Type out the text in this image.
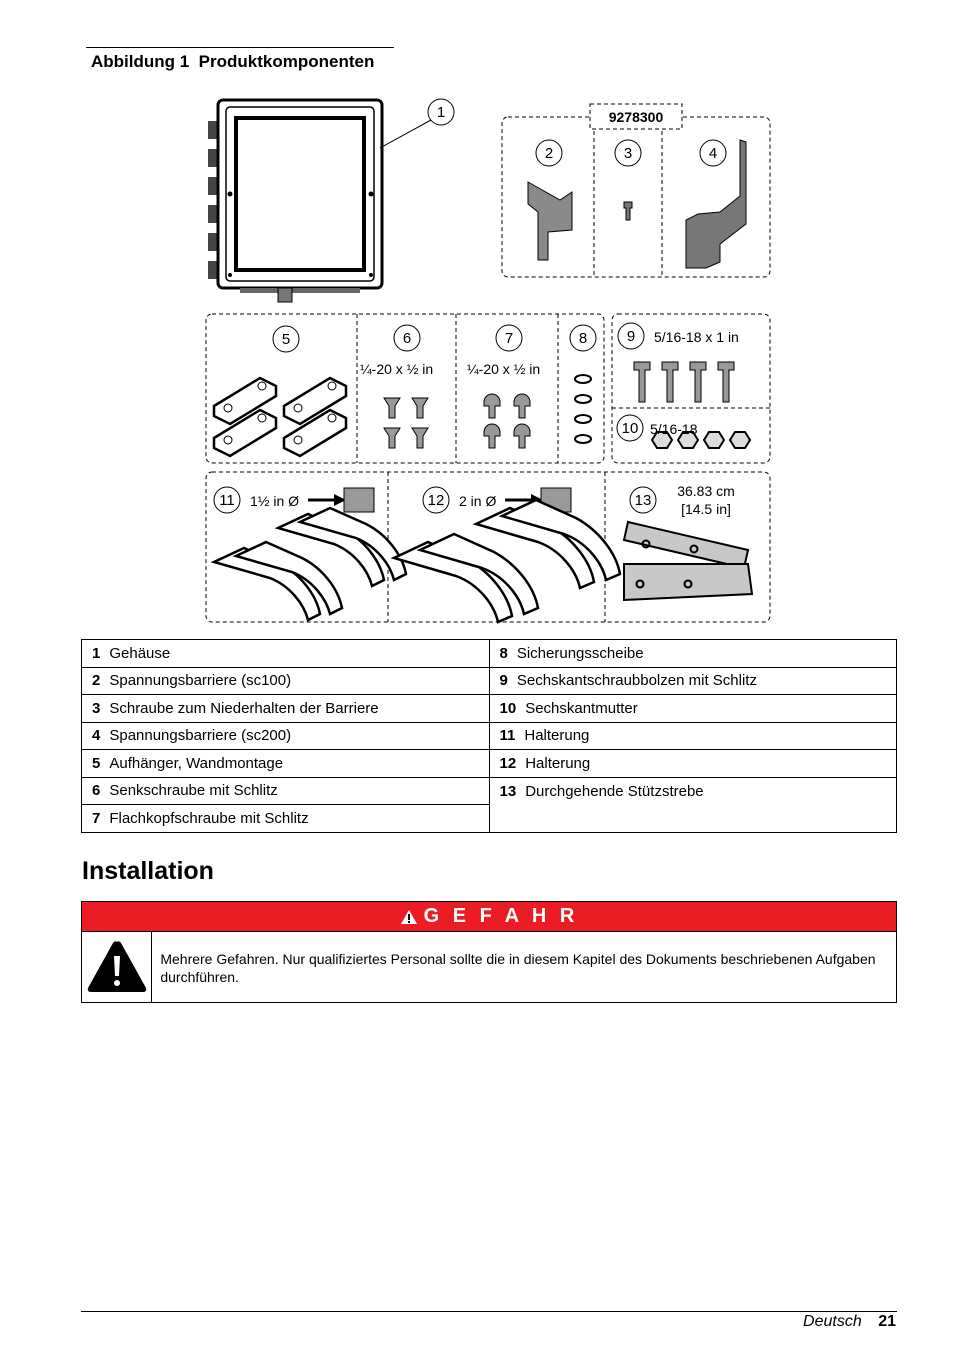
Abbildung 1  Produktkomponenten
1
2	3	4
5	6	7	8	9
10
11	12	13
9278300
¼-20 x ½ in ¼-20 x ½ in
5/16-18 x 1 in
5/16-18
1½ in Ø	2 in Ø
36.83 cm
[14.5 in]
1 Gehäuse	8 Sicherungsscheibe
2 Spannungsbarriere (sc100)	9 Sechskantschraubbolzen mit Schlitz
3 Schraube zum Niederhalten der Barriere	10 Sechskantmutter
4 Spannungsbarriere (sc200)	11 Halterung
5 Aufhänger, Wandmontage	12 Halterung
6 Senkschraube mit Schlitz	13 Durchgehende Stützstrebe
7 Flachkopfschraube mit Schlitz	
Installation
G E F A H R
Mehrere Gefahren. Nur qualifiziertes Personal sollte die in diesem Kapitel des Dokuments beschriebenen Aufgaben durchführen.
Deutsch 21
